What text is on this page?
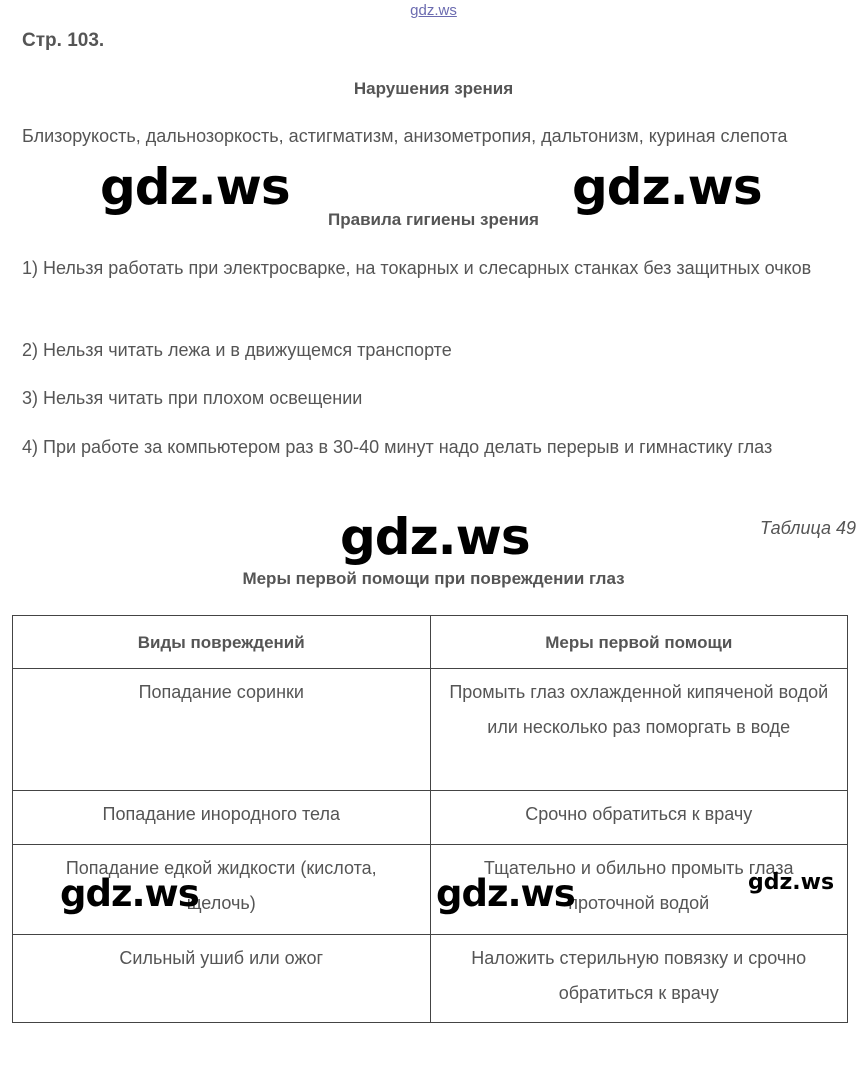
gdz.ws
Стр. 103.
Нарушения зрения
Близорукость, дальнозоркость, астигматизм, анизометропия, дальтонизм, куриная слепота
Правила гигиены зрения
1) Нельзя работать при электросварке, на токарных и слесарных станках без защитных очков
2) Нельзя читать лежа и в движущемся транспорте
3) Нельзя читать при плохом освещении
4) При работе за компьютером раз в 30-40 минут надо делать перерыв и гимнастику глаз
Таблица 49
Меры первой помощи при повреждении глаз
Виды повреждений	Меры первой помощи
Попадание соринки	Промыть глаз охлажденной кипяченой водой или несколько раз поморгать в воде
Попадание инородного тела	Срочно обратиться к врачу
Попадание едкой жидкости (кислота, щелочь)	Тщательно и обильно промыть глаза проточной водой
Сильный ушиб или ожог	Наложить стерильную повязку и срочно обратиться к врачу
gdz.ws	gdz.ws
gdz.ws
gdz.ws	gdz.ws	gdz.ws
